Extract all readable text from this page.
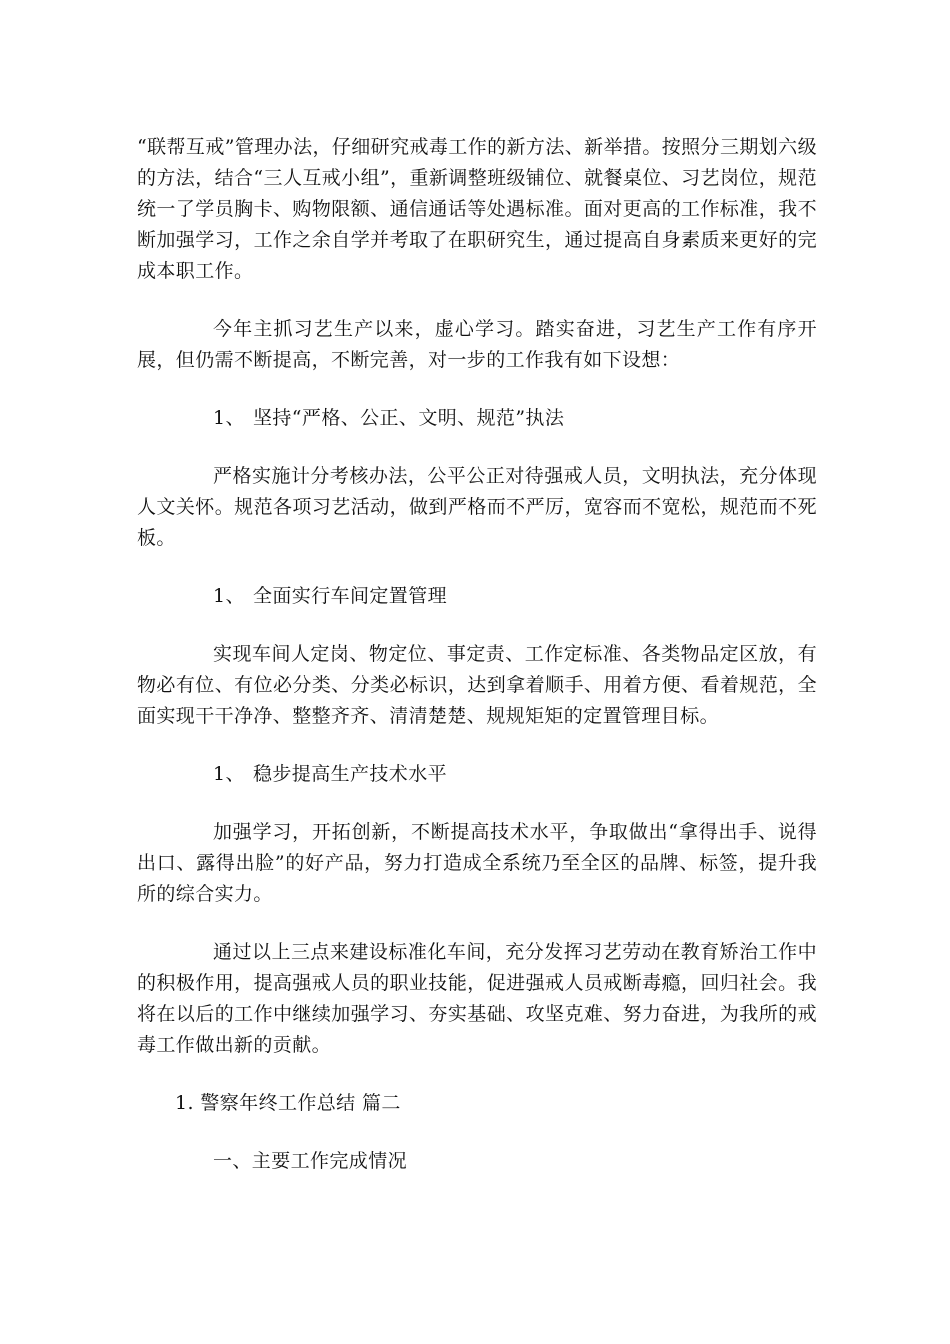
“联帮互戒”管理办法，仔细研究戒毒工作的新方法、新举措。按照分三期划六级的方法，结合“三人互戒小组”，重新调整班级铺位、就餐桌位、习艺岗位，规范统一了学员胸卡、购物限额、通信通话等处遇标准。面对更高的工作标准，我不断加强学习，工作之余自学并考取了在职研究生，通过提高自身素质来更好的完成本职工作。

今年主抓习艺生产以来，虚心学习。踏实奋进，习艺生产工作有序开展，但仍需不断提高，不断完善，对一步的工作我有如下设想：

1、 坚持“严格、公正、文明、规范”执法

严格实施计分考核办法，公平公正对待强戒人员，文明执法，充分体现人文关怀。规范各项习艺活动，做到严格而不严厉，宽容而不宽松，规范而不死板。

1、 全面实行车间定置管理

实现车间人定岗、物定位、事定责、工作定标准、各类物品定区放，有物必有位、有位必分类、分类必标识，达到拿着顺手、用着方便、看着规范，全面实现干干净净、整整齐齐、清清楚楚、规规矩矩的定置管理目标。

1、 稳步提高生产技术水平

加强学习，开拓创新，不断提高技术水平，争取做出“拿得出手、说得出口、露得出脸”的好产品，努力打造成全系统乃至全区的品牌、标签，提升我所的综合实力。

通过以上三点来建设标准化车间，充分发挥习艺劳动在教育矫治工作中的积极作用，提高强戒人员的职业技能，促进强戒人员戒断毒瘾，回归社会。我将在以后的工作中继续加强学习、夯实基础、攻坚克难、努力奋进，为我所的戒毒工作做出新的贡献。

1. 警察年终工作总结 篇二
一、主要工作完成情况
